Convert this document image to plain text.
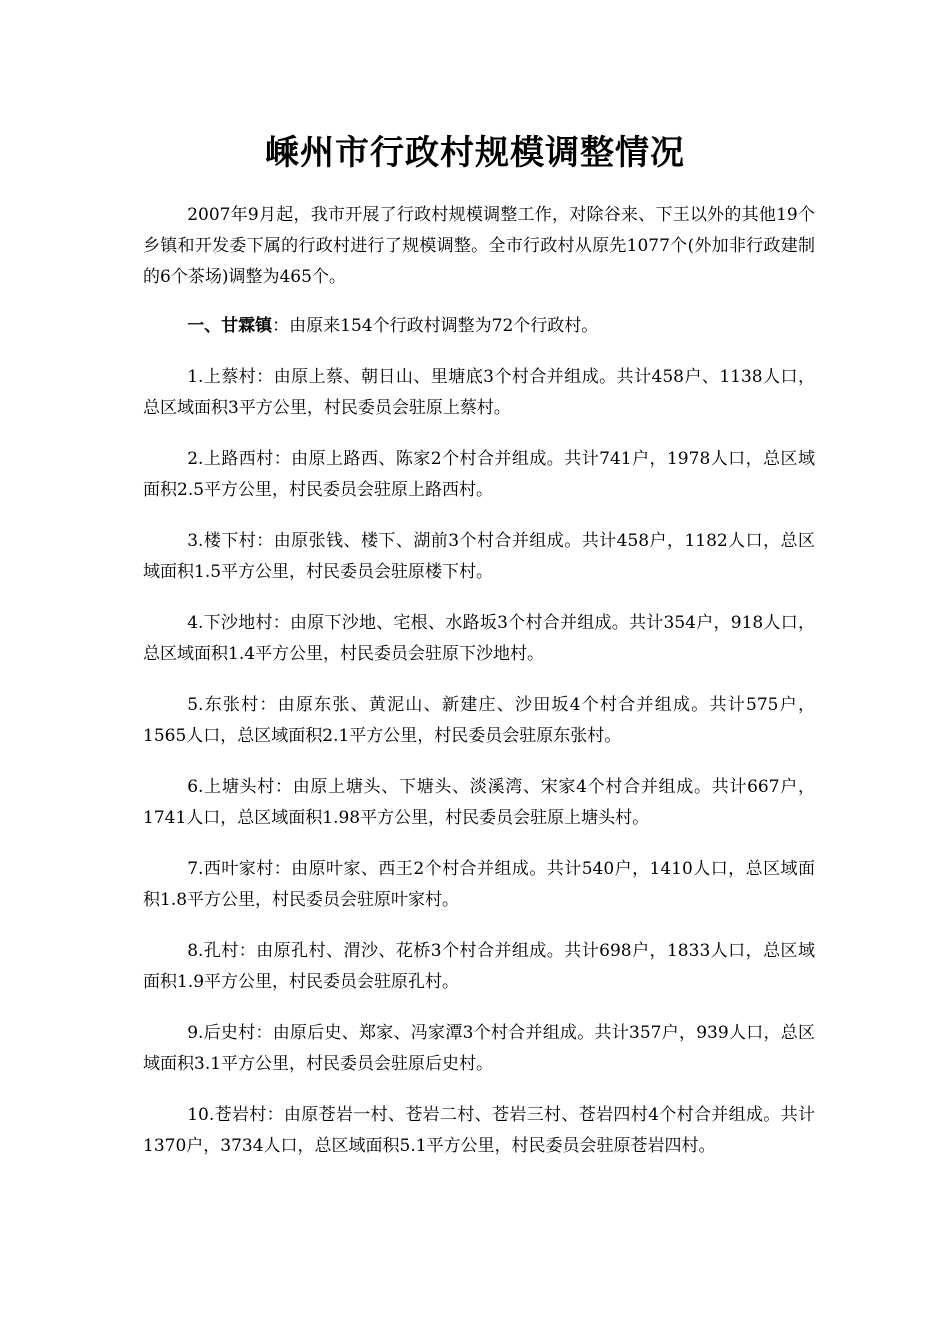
嵊州市行政村规模调整情况

2007年9月起，我市开展了行政村规模调整工作，对除谷来、下王以外的其他19个乡镇和开发委下属的行政村进行了规模调整。全市行政村从原先1077个(外加非行政建制的6个茶场)调整为465个。

一、甘霖镇：由原来154个行政村调整为72个行政村。

1.上蔡村：由原上蔡、朝日山、里塘底3个村合并组成。共计458户、1138人口，总区域面积3平方公里，村民委员会驻原上蔡村。

2.上路西村：由原上路西、陈家2个村合并组成。共计741户，1978人口，总区域面积2.5平方公里，村民委员会驻原上路西村。

3.楼下村：由原张钱、楼下、湖前3个村合并组成。共计458户，1182人口，总区域面积1.5平方公里，村民委员会驻原楼下村。

4.下沙地村：由原下沙地、宅根、水路坂3个村合并组成。共计354户，918人口，总区域面积1.4平方公里，村民委员会驻原下沙地村。

5.东张村：由原东张、黄泥山、新建庄、沙田坂4个村合并组成。共计575户，1565人口，总区域面积2.1平方公里，村民委员会驻原东张村。

6.上塘头村：由原上塘头、下塘头、淡溪湾、宋家4个村合并组成。共计667户，1741人口，总区域面积1.98平方公里，村民委员会驻原上塘头村。

7.西叶家村：由原叶家、西王2个村合并组成。共计540户，1410人口，总区域面积1.8平方公里，村民委员会驻原叶家村。

8.孔村：由原孔村、渭沙、花桥3个村合并组成。共计698户，1833人口，总区域面积1.9平方公里，村民委员会驻原孔村。

9.后史村：由原后史、郑家、冯家潭3个村合并组成。共计357户，939人口，总区域面积3.1平方公里，村民委员会驻原后史村。

10.苍岩村：由原苍岩一村、苍岩二村、苍岩三村、苍岩四村4个村合并组成。共计1370户，3734人口，总区域面积5.1平方公里，村民委员会驻原苍岩四村。
